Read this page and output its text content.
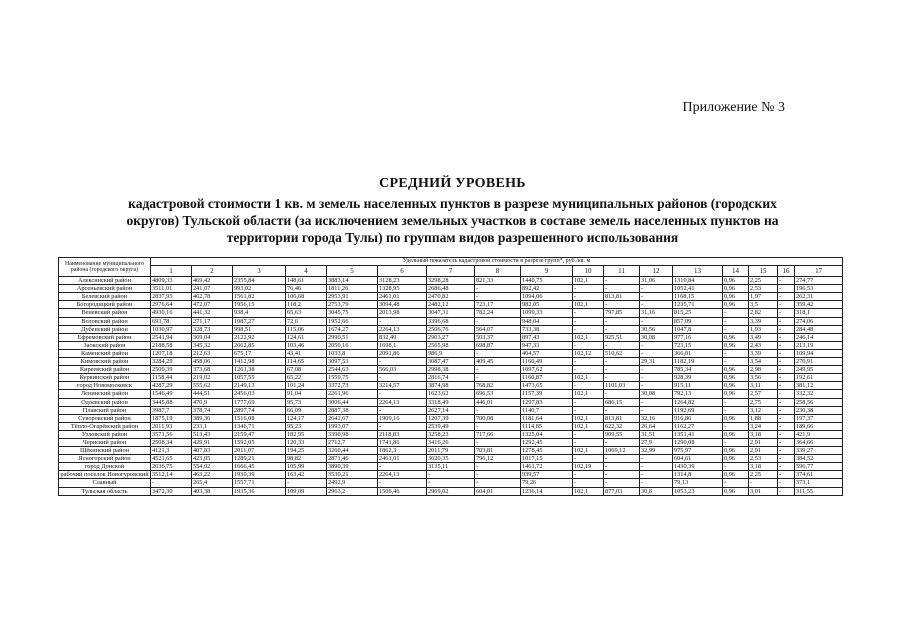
Приложение № 3
СРЕДНИЙ УРОВЕНЬ
кадастровой стоимости 1 кв. м земель населенных пунктов в разрезе муниципальных районов (городских
округов) Тульской области (за исключением земельных участков в составе земель населенных пунктов на
территории города Тулы) по группам видов разрешенного использования
Наименование муниципального района (городского округа)	Удельный показатель кадастровой стоимости в разрезе групп*, руб./кв. м																
	1	2	3	4	5	6	7	8	9	10	11	12	13	14	15	16	17
Алексинский район	4809,33	469,42	2355,84	148,61	3883,14	3128,23	3298,28	821,33	1440,75	102,1	-	31,06	1310,84	0,96	2,25	-	274,77
Арсеньевский район	3511,01	241,07	993,02	76,46	1811,26	1328,95	2686,48	-	892,42	-	-	-	1052,41	0,96	2,53	-	196,53
Белевский район	2837,95	462,78	1561,82	106,68	2953,91	2461,01	2470,82	-	1094,06	-	813,81	-	1168,15	0,96	1,97	-	262,31
Богородицкий район	2976,64	472,07	1956,15	118,2	2753,79	3094,48	2482,12	723,17	982,05	102,1	-	-	1235,71	0,96	3,5	-	359,42
Веневский район	4930,16	441,32	938,4	65,63	3045,75	2013,98	3047,31	782,24	1099,33	-	797,85	31,16	815,25	-	2,82	-	318,1
Воловский район	693,78	271,17	1087,27	72,6	1952,66	-	3396,68	-	948,04	-	-	-	857,09	-	3,39	-	274,06
Дубенский район	1030,97	328,73	998,51	115,06	1674,27	2264,13	2506,76	564,07	733,38	-	-	30,56	1047,8	-	1,93	-	284,48
Ефремовский район	2541,94	369,04	2122,92	124,61	2990,51	832,49	2903,27	503,37	897,43	102,1	925,51	30,08	977,16	0,96	3,49	-	246,14
Заокский район	2188,58	345,32	2662,85	103,46	2050,16	1698,1	2565,98	698,87	947,33	-	-	-	723,15	0,96	2,43	-	213,19
Каменский район	1207,18	212,63	675,17	43,41	1033,8	2091,86	986,9	-	404,57	102,12	510,62	-	366,01	-	3,39	-	109,94
Кимовский район	3284,29	458,06	1412,98	114,65	3097,53	-	3087,47	409,45	1160,49	-	-	29,31	1182,19	-	3,54	-	270,91
Киреевский район	2500,39	373,68	1261,38	67,08	2544,63	566,03	2998,38	-	1097,62	-	-	-	785,34	0,96	2,98	-	249,95
Куркинский район	1158,44	219,02	1057,55	65,22	1559,75	-	2816,74	-	1160,87	102,1	-	-	928,39	0,96	3,56	-	192,61
город Новомосковск	4287,29	555,62	2149,13	101,24	3372,73	3214,57	3874,98	768,82	1473,65	-	1101,03	-	915,11	0,96	3,11	-	381,12
Ленинский район	1546,49	444,51	2456,03	91,04	2261,96	-	1623,62	696,53	1157,39	102,1	-	30,08	792,13	0,96	2,57	-	332,32
Одоевский район	3445,88	470,9	1777,69	95,73	3006,44	2264,13	3318,49	446,01	1297,83	-	686,15	-	1264,82	-	2,75	-	258,56
Плавский район	3987,7	378,74	2897,74	66,09	2887,38	-	2627,14	-	1140,7	-	-	-	1192,69	-	3,12	-	230,38
Суворовский район	1875,19	389,36	1516,08	124,17	2642,67	1909,16	1207,39	700,08	1181,64	102,1	813,81	32,16	916,86	0,96	1,88	-	197,37
Тёпло-Огарёвский район	2011,93	233,1	1346,71	95,23	1993,07	-	2539,49	-	1114,85	102,1	622,32	26,64	1162,27	-	3,24	-	189,66
Узловский район	3571,56	513,43	2159,47	182,95	3390,98	2118,83	3258,23	717,66	1325,04	-	909,55	31,51	1351,41	0,96	3,18	-	421,9
Чернский район	2508,34	429,91	1592,05	120,33	2712,7	1741,86	3416,26	-	1292,45	-	-	27,9	1290,08	-	2,91	-	364,66
Щёкинский район	4121,3	407,83	2011,07	194,25	3260,44	1862,3	2011,79	703,81	1278,45	102,1	1069,12	32,99	975,97	0,96	2,91	-	339,27
Ясногорский район	4521,65	423,05	1289,21	98,82	2871,46	2461,01	3620,35	796,12	1017,15	-	-	-	604,61	0,96	2,53	-	384,52
город Донской	2636,75	554,02	1666,45	105,99	3890,39	-	3135,11	-	1461,72	102,19	-	-	1430,39	-	3,18	-	596,77
рабочий поселок Новогуровский	3512,14	463,22	1930,39	163,42	3530,21	2264,13	-	-	939,57	-	-	-	1314,8	0,96	2,25	-	374,61
Славный	-	265,4	1557,71	-	2492,9	-	-	-	79,26	-	-	-	79,13	-	-	-	373,1
Тульская область	3472,30	403,38	1935,36	109,09	2963,2	1506,46	2969,02	604,01	1236,14	102,1	877,03	30,8	1053,23	0,96	3,01	-	311,55
